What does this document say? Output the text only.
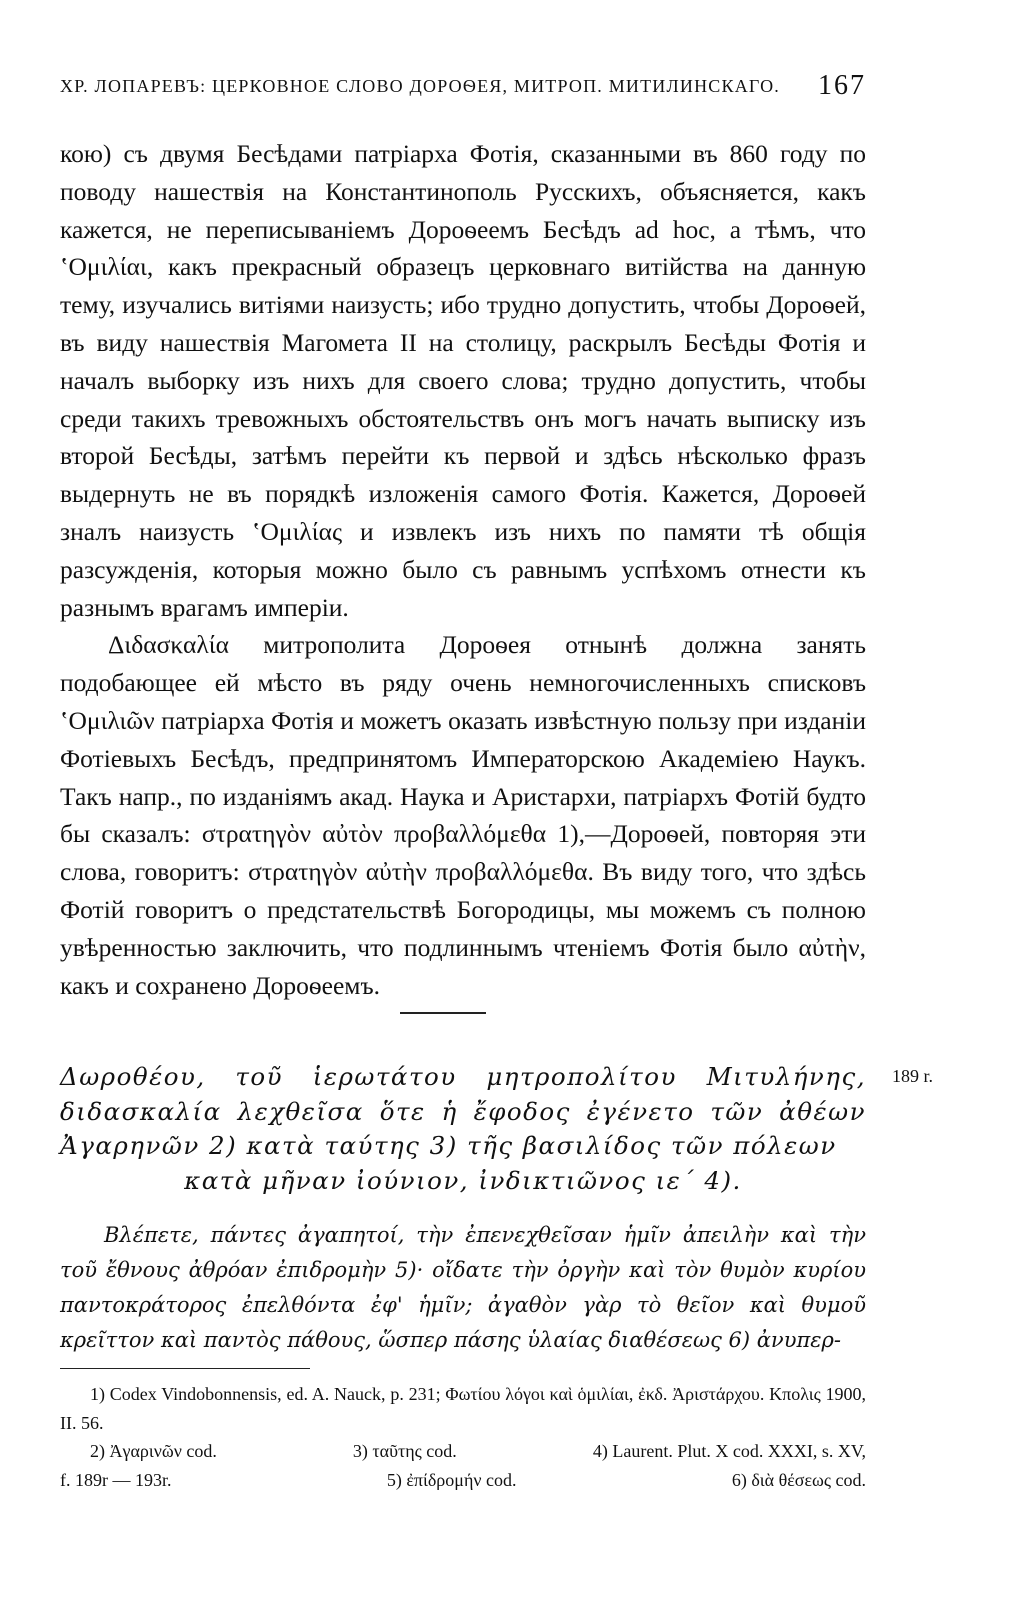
ХР. ЛОПАРЕВЪ: ЦЕРКОВНОЕ СЛОВО ДОРОѲЕЯ, МИТРОП. МИТИЛИНСКАГО. 167

кою) съ двумя Бесѣдами патріарха Фотія, сказанными въ 860 году по поводу нашествія на Константинополь Русскихъ, объясняется, какъ кажется, не переписываніемъ Дороѳеемъ Бесѣдъ ad hoc, а тѣмъ, что ʽΟμιλίαι, какъ прекрасный образецъ церковнаго витійства на данную тему, изучались витіями наизусть; ибо трудно допустить, чтобы Дороѳей, въ виду нашествія Магомета II на столицу, раскрылъ Бесѣды Фотія и началъ выборку изъ нихъ для своего слова; трудно допустить, чтобы среди такихъ тревожныхъ обстоятельствъ онъ могъ начать выписку изъ второй Бесѣды, затѣмъ перейти къ первой и здѣсь нѣсколько фразъ выдернуть не въ порядкѣ изложенія самого Фотія. Кажется, Дороѳей зналъ наизусть ʽΟμιλίας и извлекъ изъ нихъ по памяти тѣ общія разсужденія, которыя можно было съ равнымъ успѣхомъ отнести къ разнымъ врагамъ имперіи.

Διδασκαλία митрополита Дороѳея отнынѣ должна занять подобающее ей мѣсто въ ряду очень немногочисленныхъ списковъ ʽΟμιλιῶν патріарха Фотія и можетъ оказать извѣстную пользу при изданіи Фотіевыхъ Бесѣдъ, предпринятомъ Императорскою Академіею Наукъ. Такъ напр., по изданіямъ акад. Наука и Аристархи, патріархъ Фотій будто бы сказалъ: στρατηγὸν αὐτὸν προβαλλόμεθα 1),—Дороѳей, повторяя эти слова, говоритъ: στρατηγὸν αὐτὴν προβαλλόμεθα. Въ виду того, что здѣсь Фотій говоритъ о предстательствѣ Богородицы, мы можемъ съ полною увѣренностью заключить, что подлиннымъ чтеніемъ Фотія было αὐτὴν, какъ и сохранено Дороѳеемъ.

Δωροθέου, τοῦ ἱερωτάτου μητροπολίτου Μιτυλήνης, διδασκαλία λεχθεῖσα ὅτε ἡ ἔφοδος ἐγένετο τῶν ἀθέων Ἀγαρηνῶν 2) κατὰ ταύτης 3) τῆς βασιλίδος τῶν πόλεων
κατὰ μῆναν ἰούνιον, ἰνδικτιῶνος ιε´ 4).
189 r.

Βλέπετε, πάντες ἀγαπητοί, τὴν ἐπενεχθεῖσαν ἡμῖν ἀπειλὴν καὶ τὴν τοῦ ἔθνους ἀθρόαν ἐπιδρομὴν 5)· οἴδατε τὴν ὀργὴν καὶ τὸν θυμὸν κυρίου παντοκράτορος ἐπελθόντα ἐφ' ἡμῖν; ἀγαθὸν γὰρ τὸ θεῖον καὶ θυμοῦ κρεῖττον καὶ παντὸς πάθους, ὥσπερ πάσης ὑλαίας διαθέσεως 6) ἀνυπερ-

1) Codex Vindobonnensis, ed. A. Nauck, p. 231; Φωτίου λόγοι καὶ ὁμιλίαι, ἐκδ. Ἀριστάρχου. Κπολις 1900, II. 56.

2) Ἀγαρινῶν cod.	3) ταῦτης cod.	4) Laurent. Plut. X cod. XXXI, s. XV,
f. 189r — 193r.	5) ἐπίδρομήν cod.	6) διὰ θέσεως cod.
